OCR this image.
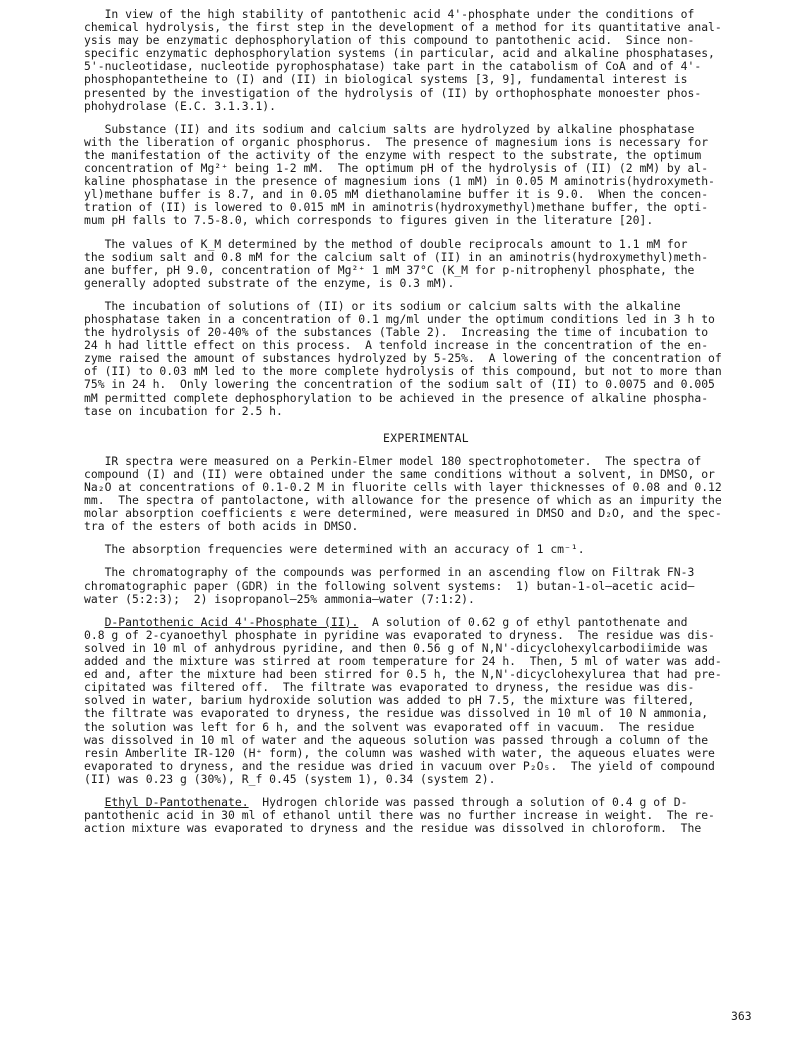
In view of the high stability of pantothenic acid 4'-phosphate under the conditions of
chemical hydrolysis, the first step in the development of a method for its quantitative anal-
ysis may be enzymatic dephosphorylation of this compound to pantothenic acid.  Since non-
specific enzymatic dephosphorylation systems (in particular, acid and alkaline phosphatases,
5'-nucleotidase, nucleotide pyrophosphatase) take part in the catabolism of CoA and of 4'-
phosphopantetheine to (I) and (II) in biological systems [3, 9], fundamental interest is
presented by the investigation of the hydrolysis of (II) by orthophosphate monoester phos-
phohydrolase (E.C. 3.1.3.1).
Substance (II) and its sodium and calcium salts are hydrolyzed by alkaline phosphatase
with the liberation of organic phosphorus.  The presence of magnesium ions is necessary for
the manifestation of the activity of the enzyme with respect to the substrate, the optimum
concentration of Mg²⁺ being 1-2 mM.  The optimum pH of the hydrolysis of (II) (2 mM) by al-
kaline phosphatase in the presence of magnesium ions (1 mM) in 0.05 M aminotris(hydroxymeth-
yl)methane buffer is 8.7, and in 0.05 mM diethanolamine buffer it is 9.0.  When the concen-
tration of (II) is lowered to 0.015 mM in aminotris(hydroxymethyl)methane buffer, the opti-
mum pH falls to 7.5-8.0, which corresponds to figures given in the literature [20].
The values of K_M determined by the method of double reciprocals amount to 1.1 mM for
the sodium salt and 0.8 mM for the calcium salt of (II) in an aminotris(hydroxymethyl)meth-
ane buffer, pH 9.0, concentration of Mg²⁺ 1 mM 37°C (K_M for p-nitrophenyl phosphate, the
generally adopted substrate of the enzyme, is 0.3 mM).
The incubation of solutions of (II) or its sodium or calcium salts with the alkaline
phosphatase taken in a concentration of 0.1 mg/ml under the optimum conditions led in 3 h to
the hydrolysis of 20-40% of the substances (Table 2).  Increasing the time of incubation to
24 h had little effect on this process.  A tenfold increase in the concentration of the en-
zyme raised the amount of substances hydrolyzed by 5-25%.  A lowering of the concentration of
of (II) to 0.03 mM led to the more complete hydrolysis of this compound, but not to more than
75% in 24 h.  Only lowering the concentration of the sodium salt of (II) to 0.0075 and 0.005
mM permitted complete dephosphorylation to be achieved in the presence of alkaline phospha-
tase on incubation for 2.5 h.
EXPERIMENTAL
IR spectra were measured on a Perkin-Elmer model 180 spectrophotometer.  The spectra of
compound (I) and (II) were obtained under the same conditions without a solvent, in DMSO, or
Na₂O at concentrations of 0.1-0.2 M in fluorite cells with layer thicknesses of 0.08 and 0.12
mm.  The spectra of pantolactone, with allowance for the presence of which as an impurity the
molar absorption coefficients ε were determined, were measured in DMSO and D₂O, and the spec-
tra of the esters of both acids in DMSO.
The absorption frequencies were determined with an accuracy of 1 cm⁻¹.
The chromatography of the compounds was performed in an ascending flow on Filtrak FN-3
chromatographic paper (GDR) in the following solvent systems:  1) butan-1-ol—acetic acid—
water (5:2:3);  2) isopropanol—25% ammonia—water (7:1:2).
D-Pantothenic Acid 4'-Phosphate (II).  A solution of 0.62 g of ethyl pantothenate and
0.8 g of 2-cyanoethyl phosphate in pyridine was evaporated to dryness.  The residue was dis-
solved in 10 ml of anhydrous pyridine, and then 0.56 g of N,N'-dicyclohexylcarbodiimide was
added and the mixture was stirred at room temperature for 24 h.  Then, 5 ml of water was add-
ed and, after the mixture had been stirred for 0.5 h, the N,N'-dicyclohexylurea that had pre-
cipitated was filtered off.  The filtrate was evaporated to dryness, the residue was dis-
solved in water, barium hydroxide solution was added to pH 7.5, the mixture was filtered,
the filtrate was evaporated to dryness, the residue was dissolved in 10 ml of 10 N ammonia,
the solution was left for 6 h, and the solvent was evaporated off in vacuum.  The residue
was dissolved in 10 ml of water and the aqueous solution was passed through a column of the
resin Amberlite IR-120 (H⁺ form), the column was washed with water, the aqueous eluates were
evaporated to dryness, and the residue was dried in vacuum over P₂O₅.  The yield of compound
(II) was 0.23 g (30%), R_f 0.45 (system 1), 0.34 (system 2).
Ethyl D-Pantothenate.  Hydrogen chloride was passed through a solution of 0.4 g of D-
pantothenic acid in 30 ml of ethanol until there was no further increase in weight.  The re-
action mixture was evaporated to dryness and the residue was dissolved in chloroform.  The
363
